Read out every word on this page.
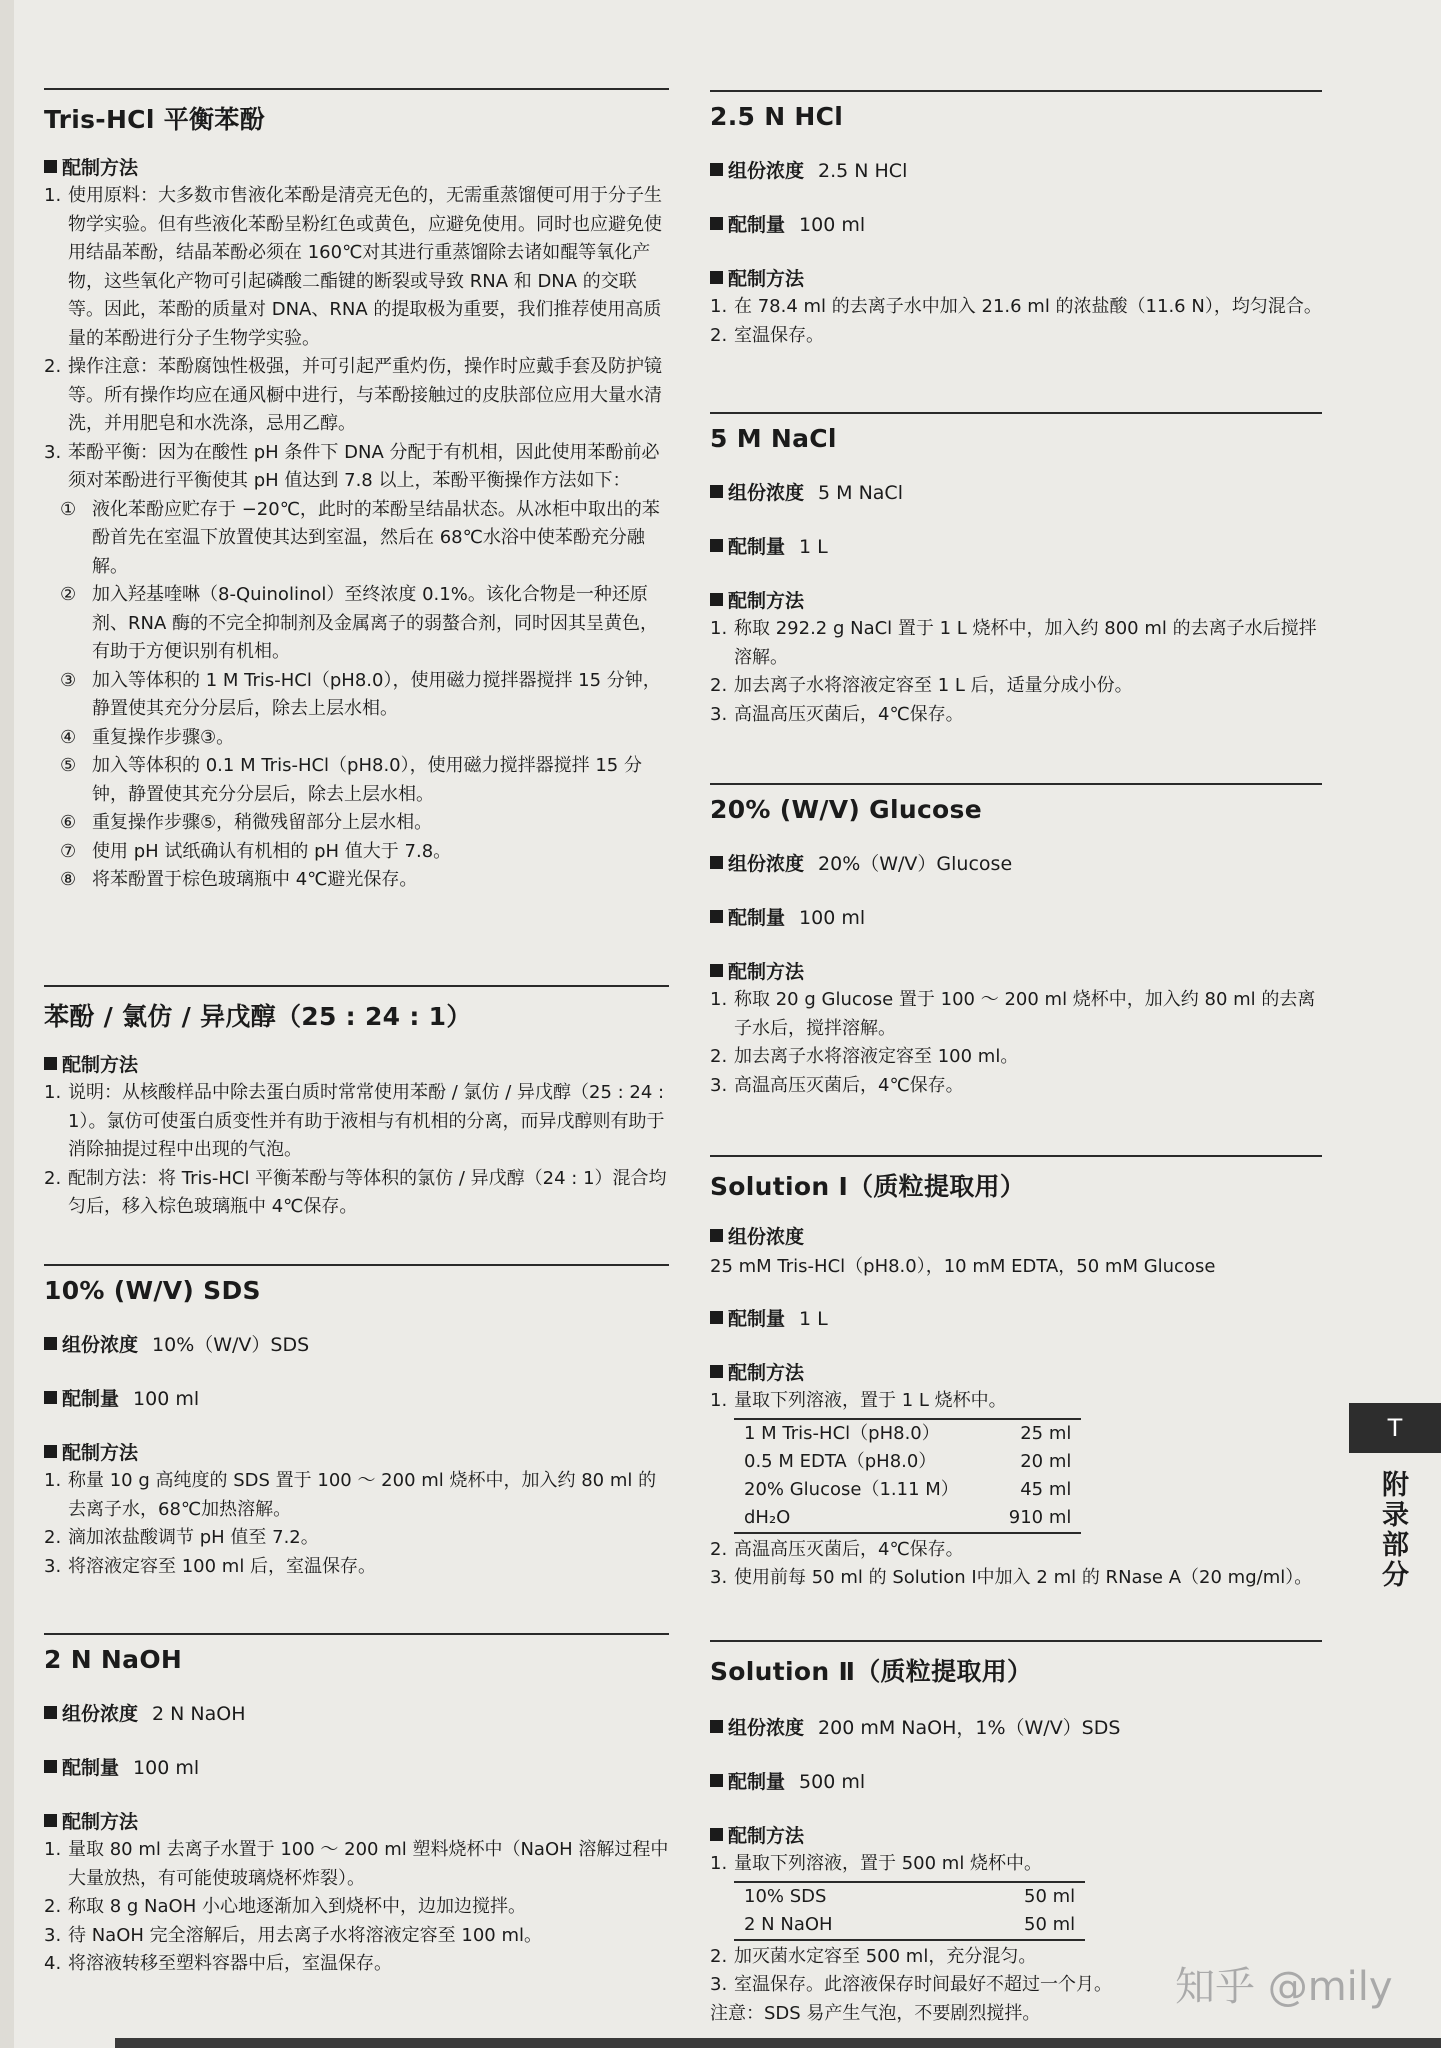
Tris-HCl 平衡苯酚
配制方法
1. 使用原料：大多数市售液化苯酚是清亮无色的，无需重蒸馏便可用于分子生物学实验。但有些液化苯酚呈粉红色或黄色，应避免使用。同时也应避免使用结晶苯酚，结晶苯酚必须在 160℃对其进行重蒸馏除去诸如醌等氧化产物，这些氧化产物可引起磷酸二酯键的断裂或导致 RNA 和 DNA 的交联等。因此，苯酚的质量对 DNA、RNA 的提取极为重要，我们推荐使用高质量的苯酚进行分子生物学实验。
2. 操作注意：苯酚腐蚀性极强，并可引起严重灼伤，操作时应戴手套及防护镜等。所有操作均应在通风橱中进行，与苯酚接触过的皮肤部位应用大量水清洗，并用肥皂和水洗涤，忌用乙醇。
3. 苯酚平衡：因为在酸性 pH 条件下 DNA 分配于有机相，因此使用苯酚前必须对苯酚进行平衡使其 pH 值达到 7.8 以上，苯酚平衡操作方法如下：
① 液化苯酚应贮存于 −20℃，此时的苯酚呈结晶状态。从冰柜中取出的苯酚首先在室温下放置使其达到室温，然后在 68℃水浴中使苯酚充分融解。
② 加入羟基喹啉（8-Quinolinol）至终浓度 0.1%。该化合物是一种还原剂、RNA 酶的不完全抑制剂及金属离子的弱螯合剂，同时因其呈黄色，有助于方便识别有机相。
③ 加入等体积的 1 M Tris-HCl（pH8.0），使用磁力搅拌器搅拌 15 分钟，静置使其充分分层后，除去上层水相。
④ 重复操作步骤③。
⑤ 加入等体积的 0.1 M Tris-HCl（pH8.0），使用磁力搅拌器搅拌 15 分钟，静置使其充分分层后，除去上层水相。
⑥ 重复操作步骤⑤，稍微残留部分上层水相。
⑦ 使用 pH 试纸确认有机相的 pH 值大于 7.8。
⑧ 将苯酚置于棕色玻璃瓶中 4℃避光保存。
苯酚 / 氯仿 / 异戊醇（25 : 24 : 1）
配制方法
1. 说明：从核酸样品中除去蛋白质时常常使用苯酚 / 氯仿 / 异戊醇（25 : 24 : 1）。氯仿可使蛋白质变性并有助于液相与有机相的分离，而异戊醇则有助于消除抽提过程中出现的气泡。
2. 配制方法：将 Tris-HCl 平衡苯酚与等体积的氯仿 / 异戊醇（24 : 1）混合均匀后，移入棕色玻璃瓶中 4℃保存。
10% (W/V) SDS
组份浓度 10%（W/V）SDS
配制量 100 ml
配制方法
1. 称量 10 g 高纯度的 SDS 置于 100 ～ 200 ml 烧杯中，加入约 80 ml 的去离子水，68℃加热溶解。
2. 滴加浓盐酸调节 pH 值至 7.2。
3. 将溶液定容至 100 ml 后，室温保存。
2 N NaOH
组份浓度 2 N NaOH
配制量 100 ml
配制方法
1. 量取 80 ml 去离子水置于 100 ～ 200 ml 塑料烧杯中（NaOH 溶解过程中大量放热，有可能使玻璃烧杯炸裂）。
2. 称取 8 g NaOH 小心地逐渐加入到烧杯中，边加边搅拌。
3. 待 NaOH 完全溶解后，用去离子水将溶液定容至 100 ml。
4. 将溶液转移至塑料容器中后，室温保存。
2.5 N HCl
组份浓度 2.5 N HCl
配制量 100 ml
配制方法
1. 在 78.4 ml 的去离子水中加入 21.6 ml 的浓盐酸（11.6 N），均匀混合。
2. 室温保存。
5 M NaCl
组份浓度 5 M NaCl
配制量 1 L
配制方法
1. 称取 292.2 g NaCl 置于 1 L 烧杯中，加入约 800 ml 的去离子水后搅拌溶解。
2. 加去离子水将溶液定容至 1 L 后，适量分成小份。
3. 高温高压灭菌后，4℃保存。
20% (W/V) Glucose
组份浓度 20%（W/V）Glucose
配制量 100 ml
配制方法
1. 称取 20 g Glucose 置于 100 ～ 200 ml 烧杯中，加入约 80 ml 的去离子水后，搅拌溶解。
2. 加去离子水将溶液定容至 100 ml。
3. 高温高压灭菌后，4℃保存。
Solution Ⅰ（质粒提取用）
组份浓度
25 mM Tris-HCl（pH8.0），10 mM EDTA，50 mM Glucose
配制量 1 L
配制方法
1. 量取下列溶液，置于 1 L 烧杯中。
1 M Tris-HCl（pH8.0）	25 ml
0.5 M EDTA（pH8.0）	20 ml
20% Glucose（1.11 M）	45 ml
dH₂O	910 ml
2. 高温高压灭菌后，4℃保存。
3. 使用前每 50 ml 的 Solution Ⅰ中加入 2 ml 的 RNase A（20 mg/ml）。
Solution Ⅱ（质粒提取用）
组份浓度 200 mM NaOH，1%（W/V）SDS
配制量 500 ml
配制方法
1. 量取下列溶液，置于 500 ml 烧杯中。
10% SDS	50 ml
2 N NaOH	50 ml
2. 加灭菌水定容至 500 ml，充分混匀。
3. 室温保存。此溶液保存时间最好不超过一个月。
注意：SDS 易产生气泡，不要剧烈搅拌。
T
附录部分
知乎 @mily
